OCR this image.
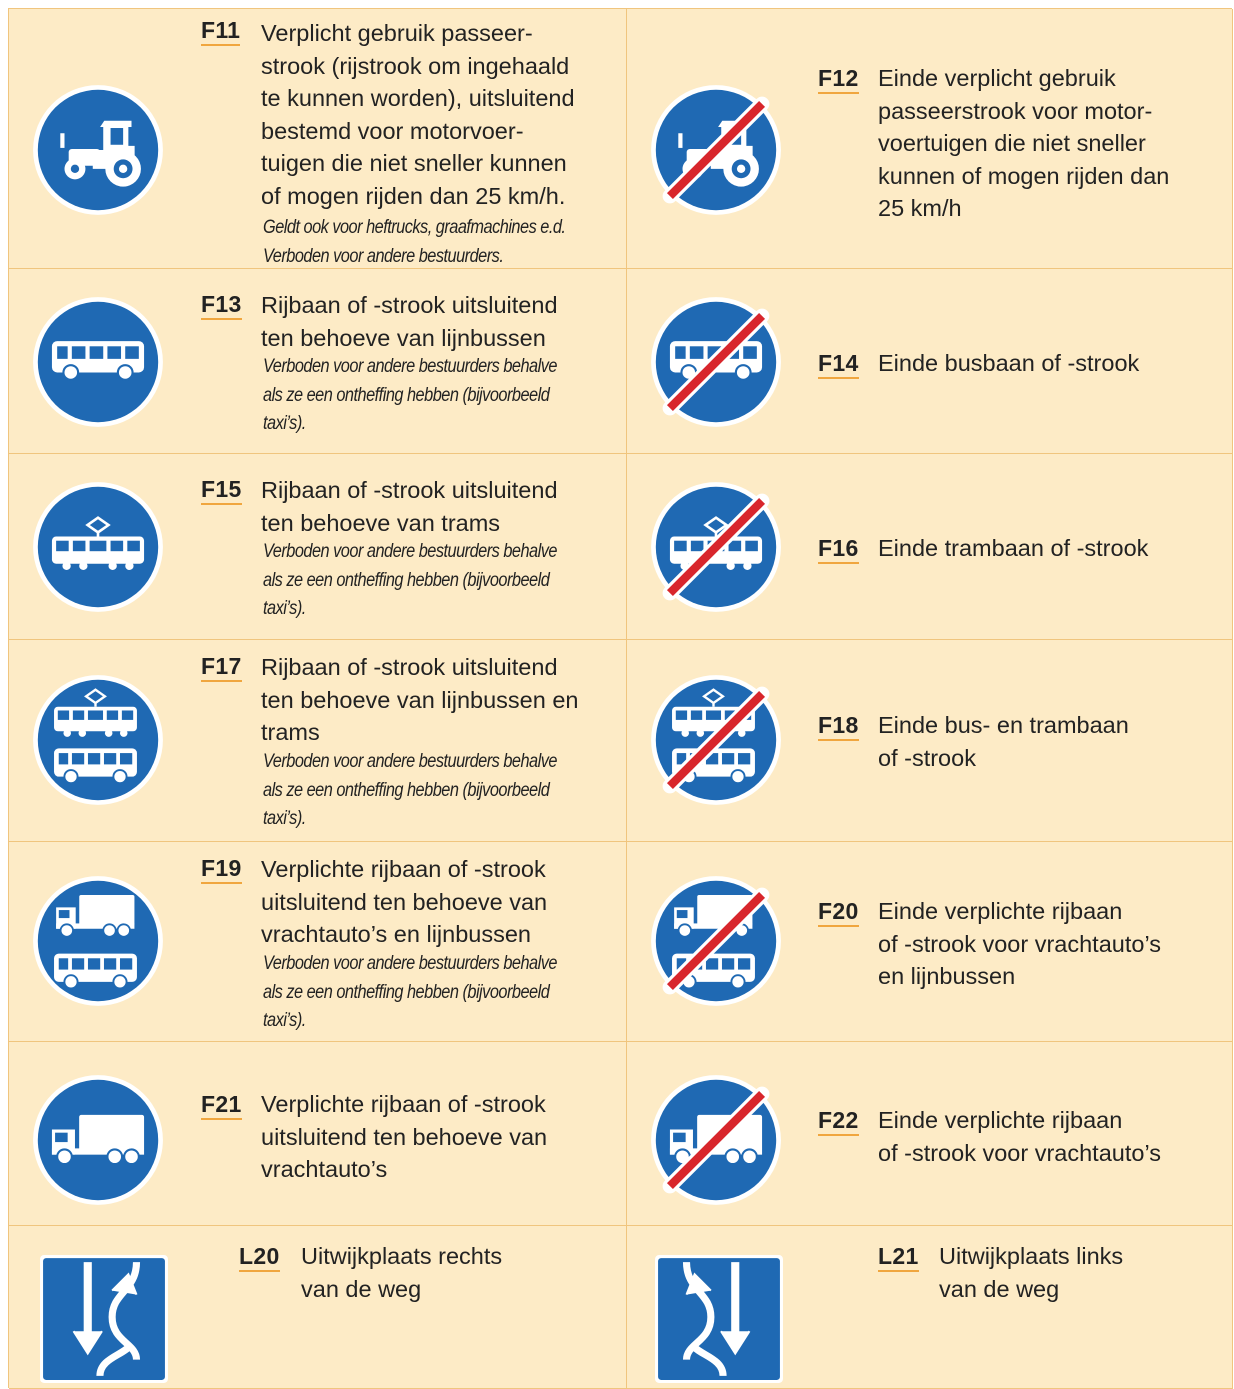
F11 Verplicht gebruik passeer-
strook (rijstrook om ingehaald
te kunnen worden), uitsluitend
bestemd voor motorvoer-
tuigen die niet sneller kunnen
of mogen rijden dan 25 km/h.
Geldt ook voor heftrucks, graafmachines e.d.
Verboden voor andere bestuurders.
F12 Einde verplicht gebruik
passeerstrook voor motor-
voertuigen die niet sneller
kunnen of mogen rijden dan
25 km/h
F13 Rijbaan of -strook uitsluitend
ten behoeve van lijnbussen
Verboden voor andere bestuurders behalve
als ze een ontheffing hebben (bijvoorbeeld
taxi’s).
F14 Einde busbaan of -strook
F15 Rijbaan of -strook uitsluitend
ten behoeve van trams
Verboden voor andere bestuurders behalve
als ze een ontheffing hebben (bijvoorbeeld
taxi’s).
F16 Einde trambaan of -strook
F17 Rijbaan of -strook uitsluitend
ten behoeve van lijnbussen en
trams
Verboden voor andere bestuurders behalve
als ze een ontheffing hebben (bijvoorbeeld
taxi’s).
F18 Einde bus- en trambaan
of -strook
F19 Verplichte rijbaan of -strook
uitsluitend ten behoeve van
vrachtauto’s en lijnbussen
Verboden voor andere bestuurders behalve
als ze een ontheffing hebben (bijvoorbeeld
taxi’s).
F20 Einde verplichte rijbaan
of -strook voor vrachtauto’s
en lijnbussen
F21 Verplichte rijbaan of -strook
uitsluitend ten behoeve van
vrachtauto’s
F22 Einde verplichte rijbaan
of -strook voor vrachtauto’s
L20 Uitwijkplaats rechts
van de weg
L21 Uitwijkplaats links
van de weg
